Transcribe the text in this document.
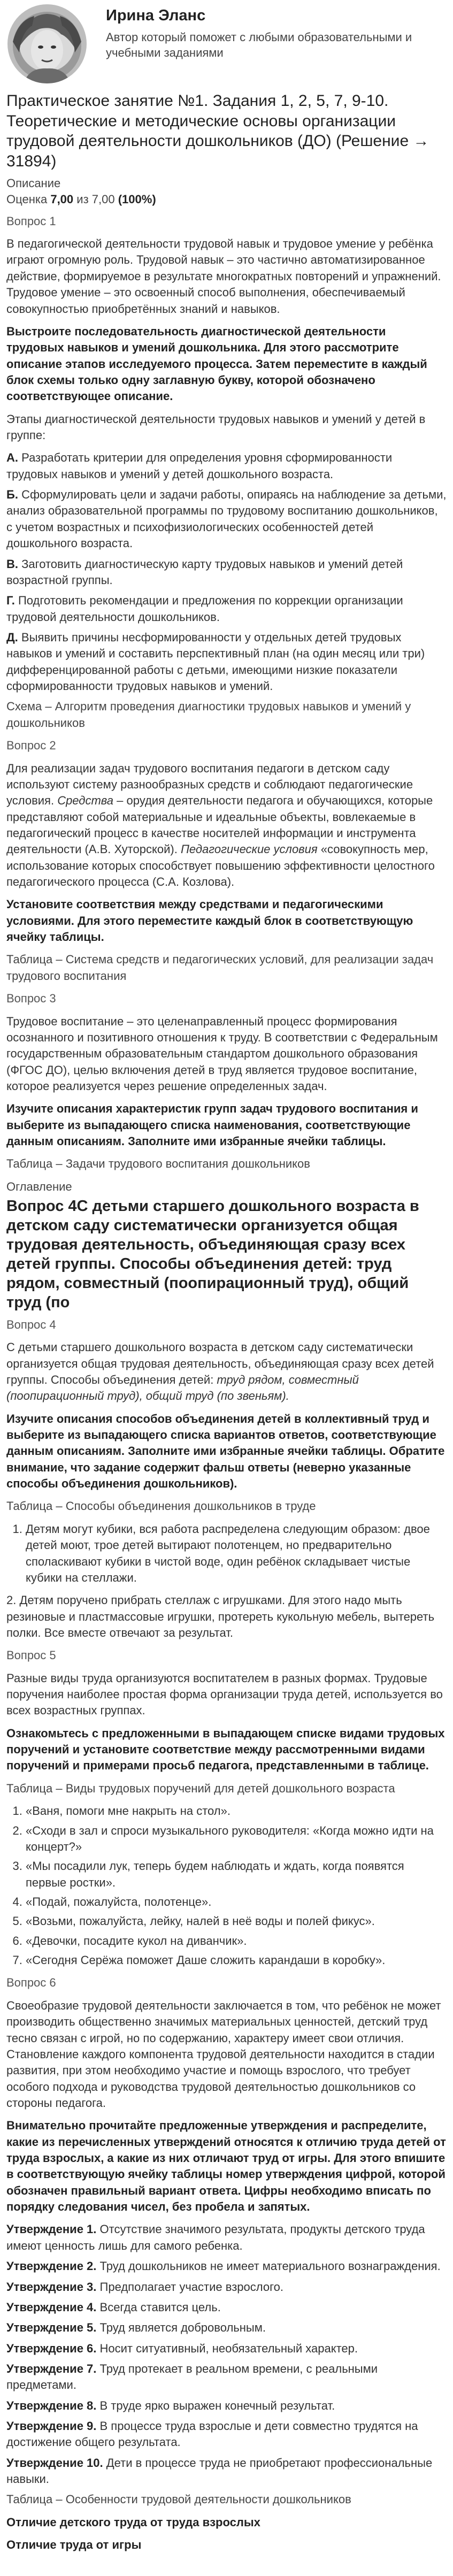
Ирина Эланс
Автор который поможет с любыми образовательными и учебными заданиями
Практическое занятие №1. Задания 1, 2, 5, 7, 9-10. Теоретические и методические основы организации трудовой деятельности дошкольников (ДО) (Решение → 31894)
Описание
Оценка 7,00 из 7,00 (100%)
Вопрос 1

В педагогической деятельности трудовой навык и трудовое умение у ребёнка играют огромную роль. Трудовой навык – это частично автоматизированное действие, формируемое в результате многократных повторений и упражнений. Трудовое умение – это освоенный способ выполнения, обеспечиваемый совокупностью приобретённых знаний и навыков.

Выстроите последовательность диагностической деятельности трудовых навыков и умений дошкольника. Для этого рассмотрите описание этапов исследуемого процесса. Затем переместите в каждый блок схемы только одну заглавную букву, которой обозначено соответствующее описание.

Этапы диагностической деятельности трудовых навыков и умений у детей в группе:

А. Разработать критерии для определения уровня сформированности трудовых навыков и умений у детей дошкольного возраста.

Б. Сформулировать цели и задачи работы, опираясь на наблюдение за детьми, анализ образовательной программы по трудовому воспитанию дошкольников, с учетом возрастных и психофизиологических особенностей детей дошкольного возраста.

В. Заготовить диагностическую карту трудовых навыков и умений детей возрастной группы.

Г. Подготовить рекомендации и предложения по коррекции организации трудовой деятельности дошкольников.

Д. Выявить причины несформированности у отдельных детей трудовых навыков и умений и составить перспективный план (на один месяц или три) дифференцированной работы с детьми, имеющими низкие показатели сформированности трудовых навыков и умений.

Схема – Алгоритм проведения диагностики трудовых навыков и умений у дошкольников

Вопрос 2

Для реализации задач трудового воспитания педагоги в детском саду используют систему разнообразных средств и соблюдают педагогические условия. Средства – орудия деятельности педагога и обучающихся, которые представляют собой материальные и идеальные объекты, вовлекаемые в педагогический процесс в качестве носителей информации и инструмента деятельности (А.В. Хуторской). Педагогические условия «совокупность мер, использование которых способствует повышению эффективности целостного педагогического процесса (С.А. Козлова).

Установите соответствия между средствами и педагогическими условиями. Для этого переместите каждый блок в соответствующую ячейку таблицы.

Таблица – Система средств и педагогических условий, для реализации задач трудового воспитания

Вопрос 3

Трудовое воспитание – это целенаправленный процесс формирования осознанного и позитивного отношения к труду. В соответствии с Федеральным государственным образовательным стандартом дошкольного образования (ФГОС ДО), целью включения детей в труд является трудовое воспитание, которое реализуется через решение определенных задач.

Изучите описания характеристик групп задач трудового воспитания и выберите из выпадающего списка наименования, соответствующие данным описаниям. Заполните ими избранные ячейки таблицы.

Таблица – Задачи трудового воспитания дошкольников

Оглавление
Вопрос 4С детьми старшего дошкольного возраста в детском саду систематически организуется общая трудовая деятельность, объединяющая сразу всех детей группы. Способы объединения детей: труд рядом, совместный (поопирационный труд), общий труд (по
Вопрос 4

С детьми старшего дошкольного возраста в детском саду систематически организуется общая трудовая деятельность, объединяющая сразу всех детей группы. Способы объединения детей: труд рядом, совместный (поопирационный труд), общий труд (по звеньям).

Изучите описания способов объединения детей в коллективный труд и выберите из выпадающего списка вариантов ответов, соответствующие данным описаниям. Заполните ими избранные ячейки таблицы. Обратите внимание, что задание содержит фальш ответы (неверно указанные способы объединения дошкольников).

Таблица – Способы объединения дошкольников в труде

1. Детям могут кубики, вся работа распределена следующим образом: двое детей моют, трое детей вытирают полотенцем, но предварительно споласкивают кубики в чистой воде, один ребёнок складывает чистые кубики на стеллажи.

2. Детям поручено прибрать стеллаж с игрушками. Для этого надо мыть резиновые и пластмассовые игрушки, протереть кукольную мебель, вытереть полки. Все вместе отвечают за результат.

Вопрос 5

Разные виды труда организуются воспитателем в разных формах. Трудовые поручения наиболее простая форма организации труда детей, используется во всех возрастных группах.

Ознакомьтесь с предложенными в выпадающем списке видами трудовых поручений и установите соответствие между рассмотренными видами поручений и примерами просьб педагога, представленными в таблице.

Таблица – Виды трудовых поручений для детей дошкольного возраста

1. «Ваня, помоги мне накрыть на стол».
2. «Сходи в зал и спроси музыкального руководителя: «Когда можно идти на концерт?»
3. «Мы посадили лук, теперь будем наблюдать и ждать, когда появятся первые ростки».
4. «Подай, пожалуйста, полотенце».
5. «Возьми, пожалуйста, лейку, налей в неё воды и полей фикус».
6. «Девочки, посадите кукол на диванчик».
7. «Сегодня Серёжа поможет Даше сложить карандаши в коробку».
Вопрос 6

Своеобразие трудовой деятельности заключается в том, что ребёнок не может производить общественно значимых материальных ценностей, детский труд тесно связан с игрой, но по содержанию, характеру имеет свои отличия. Становление каждого компонента трудовой деятельности находится в стадии развития, при этом необходимо участие и помощь взрослого, что требует особого подхода и руководства трудовой деятельностью дошкольников со стороны педагога.

Внимательно прочитайте предложенные утверждения и распределите, какие из перечисленных утверждений относятся к отличию труда детей от труда взрослых, а какие из них отличают труд от игры. Для этого впишите в соответствующую ячейку таблицы номер утверждения цифрой, которой обозначен правильный вариант ответа. Цифры необходимо вписать по порядку следования чисел, без пробела и запятых.

Утверждение 1. Отсутствие значимого результата, продукты детского труда имеют ценность лишь для самого ребенка.

Утверждение 2. Труд дошкольников не имеет материального вознаграждения.

Утверждение 3. Предполагает участие взрослого.

Утверждение 4. Всегда ставится цель.

Утверждение 5. Труд является добровольным.

Утверждение 6. Носит ситуативный, необязательный характер.

Утверждение 7. Труд протекает в реальном времени, с реальными предметами.

Утверждение 8. В труде ярко выражен конечный результат.

Утверждение 9. В процессе труда взрослые и дети совместно трудятся на достижение общего результата.

Утверждение 10. Дети в процессе труда не приобретают профессиональные навыки.

Таблица – Особенности трудовой деятельности дошкольников

Отличие детского труда от труда взрослых

Отличие труда от игры
